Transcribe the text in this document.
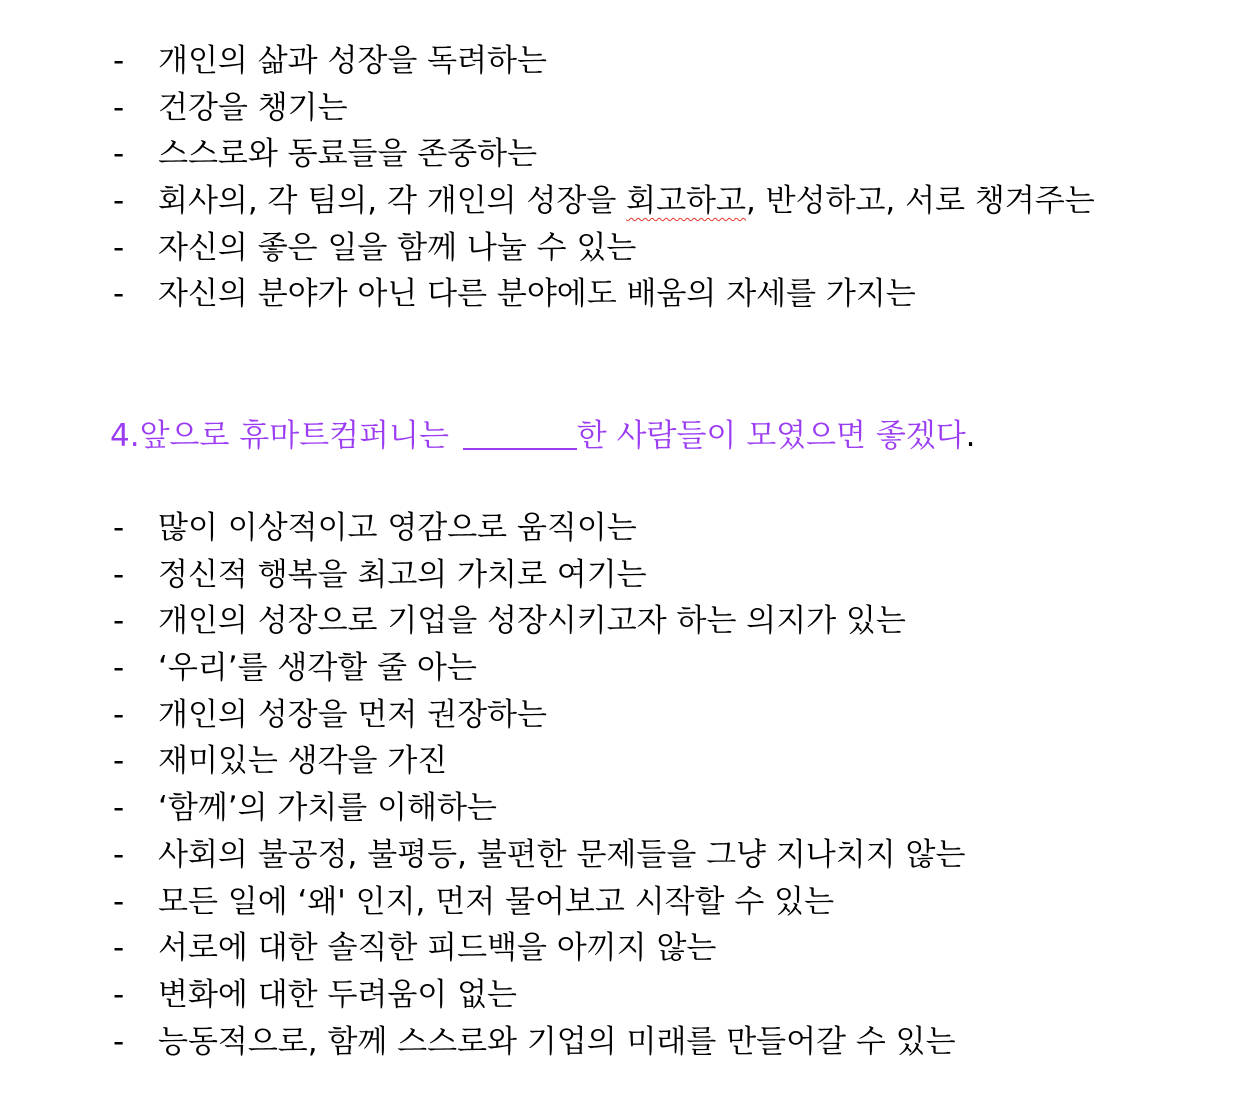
- 개인의 삶과 성장을 독려하는
- 건강을 챙기는
- 스스로와 동료들을 존중하는
- 회사의, 각 팀의, 각 개인의 성장을 회고하고, 반성하고, 서로 챙겨주는
- 자신의 좋은 일을 함께 나눌 수 있는
- 자신의 분야가 아닌 다른 분야에도 배움의 자세를 가지는
4.앞으로 휴마트컴퍼니는	한 사람들이 모였으면 좋겠다.
- 많이 이상적이고 영감으로 움직이는
- 정신적 행복을 최고의 가치로 여기는
- 개인의 성장으로 기업을 성장시키고자 하는 의지가 있는
- ‘우리’를 생각할 줄 아는
- 개인의 성장을 먼저 권장하는
- 재미있는 생각을 가진
- ‘함께’의 가치를 이해하는
- 사회의 불공정, 불평등, 불편한 문제들을 그냥 지나치지 않는
- 모든 일에 ‘왜' 인지, 먼저 물어보고 시작할 수 있는
- 서로에 대한 솔직한 피드백을 아끼지 않는
- 변화에 대한 두려움이 없는
- 능동적으로, 함께 스스로와 기업의 미래를 만들어갈 수 있는
